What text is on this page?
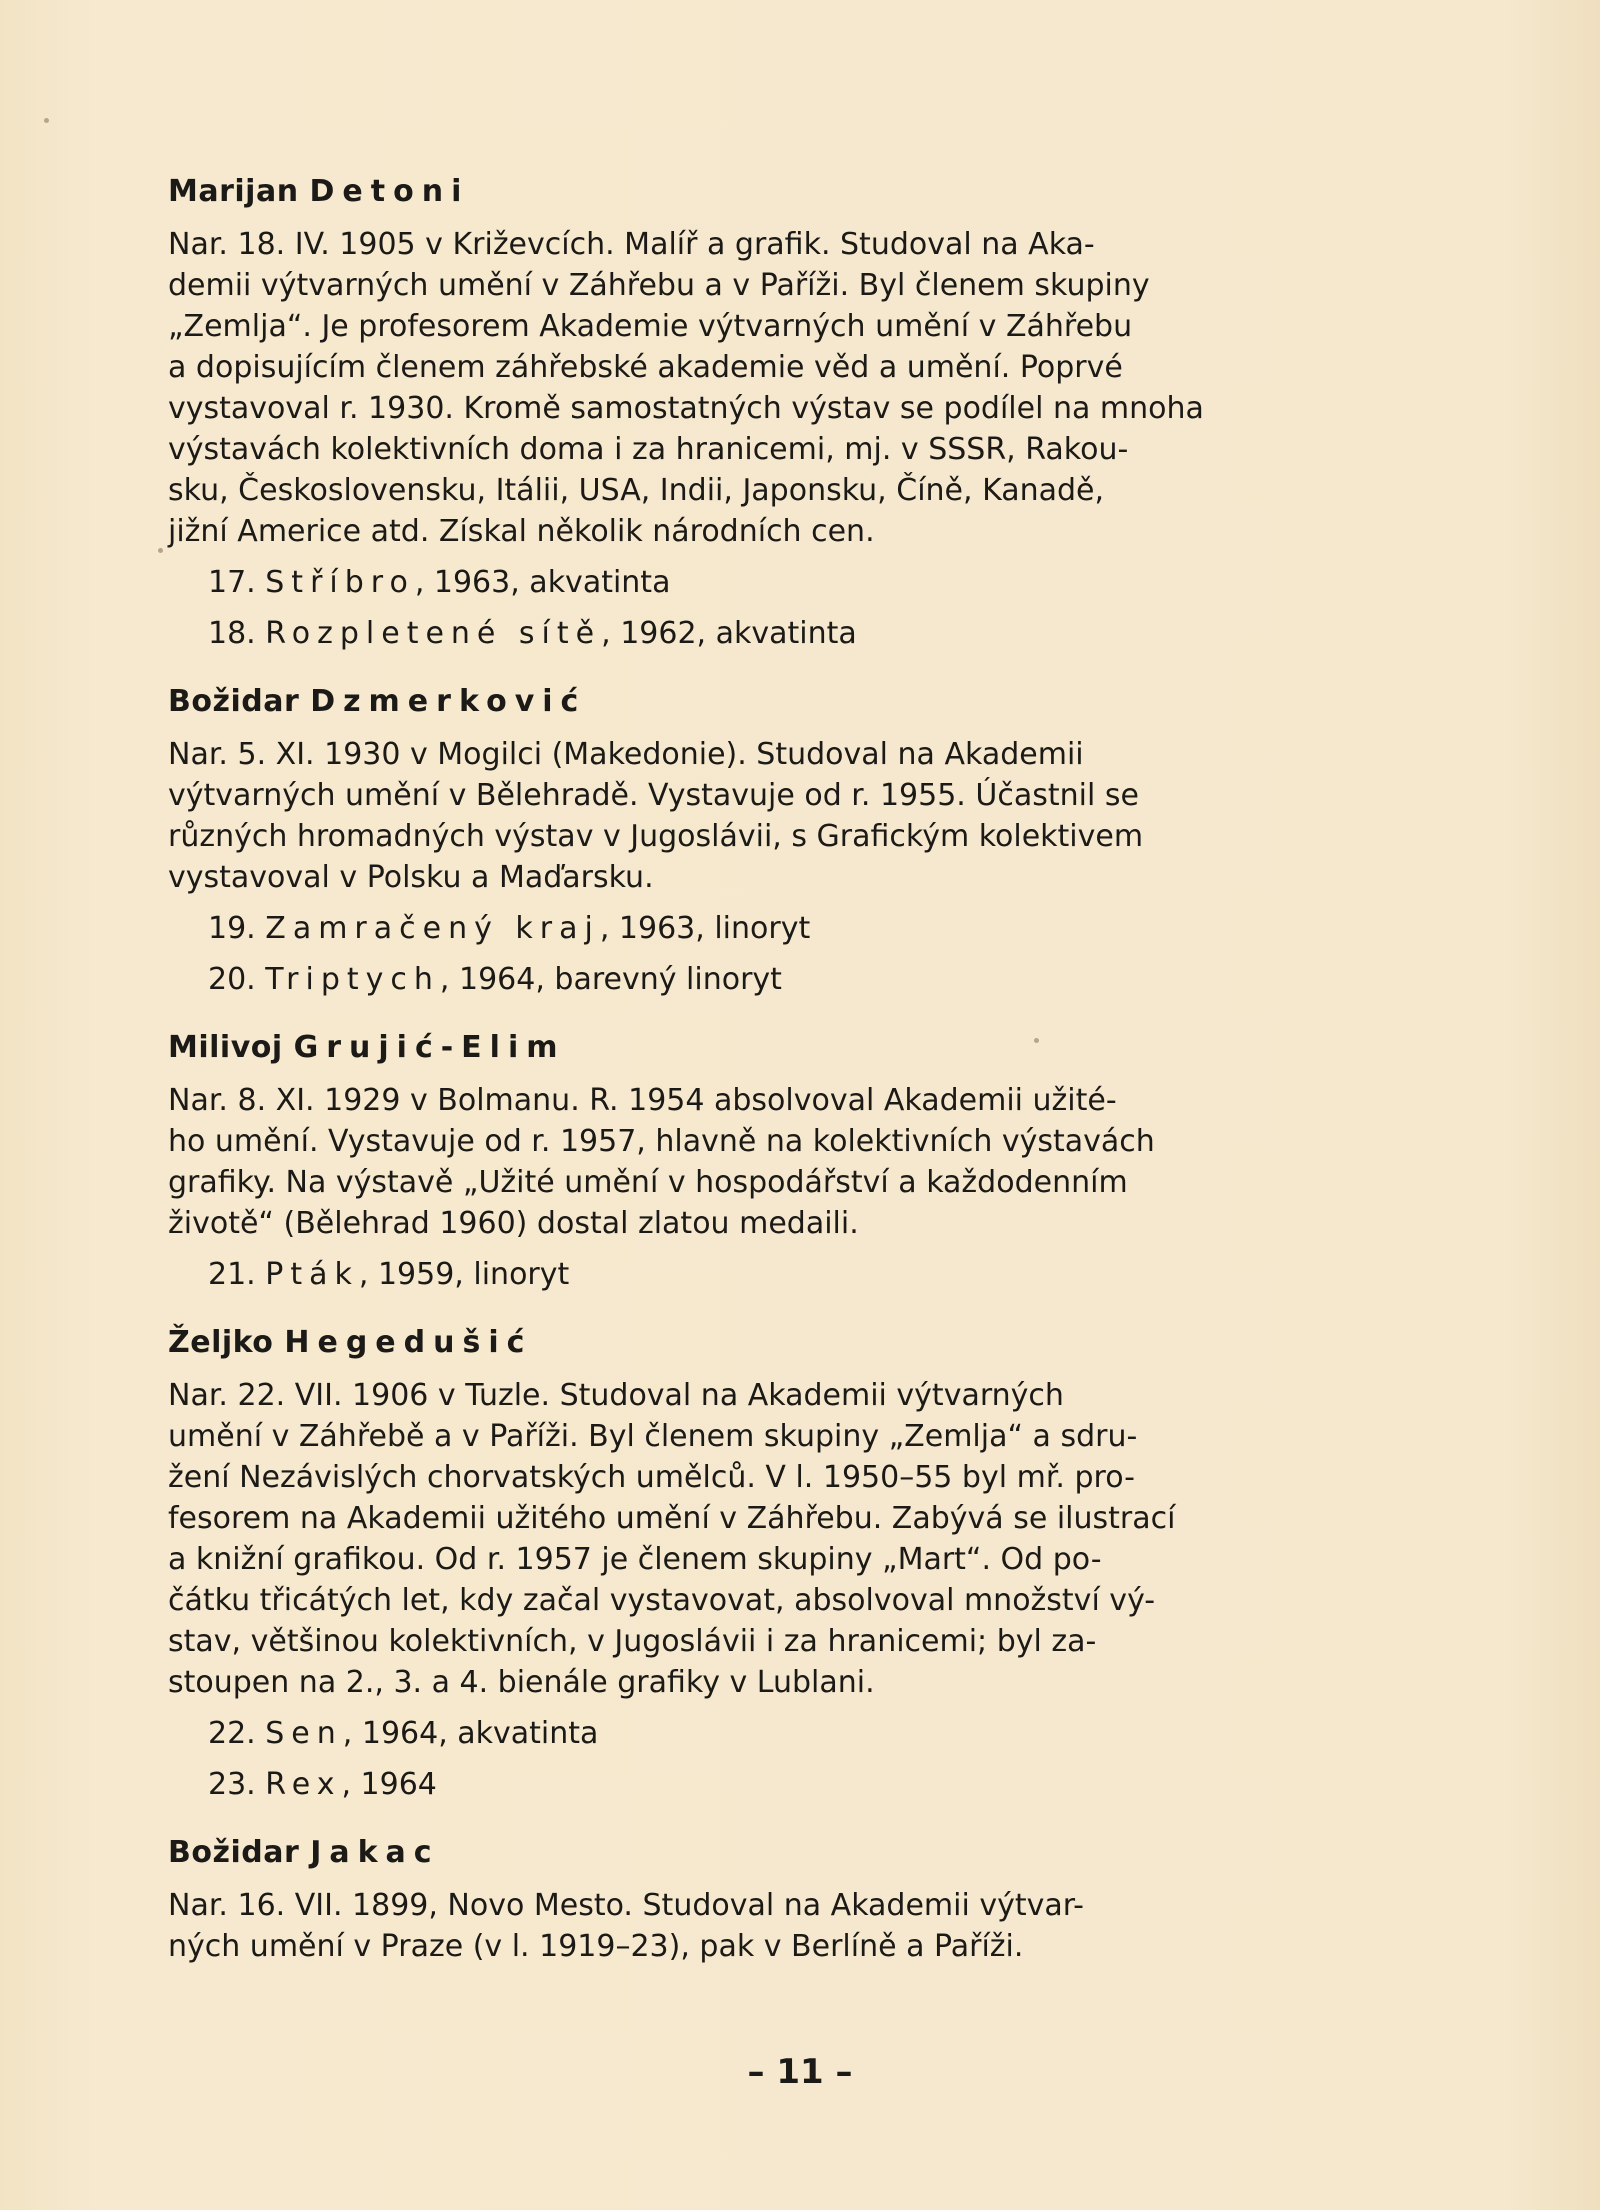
Marijan Detoni
Nar. 18. IV. 1905 v Križevcích. Malíř a grafik. Studoval na Aka-
demii výtvarných umění v Záhřebu a v Paříži. Byl členem skupiny
„Zemlja“. Je profesorem Akademie výtvarných umění v Záhřebu
a dopisujícím členem záhřebské akademie věd a umění. Poprvé
vystavoval r. 1930. Kromě samostatných výstav se podílel na mnoha
výstavách kolektivních doma i za hranicemi, mj. v SSSR, Rakou-
sku, Československu, Itálii, USA, Indii, Japonsku, Číně, Kanadě,
jižní Americe atd. Získal několik národních cen.
17. Stříbro, 1963, akvatinta
18. Rozpletené sítě, 1962, akvatinta
Božidar Dzmerković
Nar. 5. XI. 1930 v Mogilci (Makedonie). Studoval na Akademii
výtvarných umění v Bělehradě. Vystavuje od r. 1955. Účastnil se
různých hromadných výstav v Jugoslávii, s Grafickým kolektivem
vystavoval v Polsku a Maďarsku.
19. Zamračený kraj, 1963, linoryt
20. Triptych, 1964, barevný linoryt
Milivoj Grujić-Elim
Nar. 8. XI. 1929 v Bolmanu. R. 1954 absolvoval Akademii užité-
ho umění. Vystavuje od r. 1957, hlavně na kolektivních výstavách
grafiky. Na výstavě „Užité umění v hospodářství a každodenním
životě“ (Bělehrad 1960) dostal zlatou medaili.
21. Pták, 1959, linoryt
Željko Hegedušić
Nar. 22. VII. 1906 v Tuzle. Studoval na Akademii výtvarných
umění v Záhřebě a v Paříži. Byl členem skupiny „Zemlja“ a sdru-
žení Nezávislých chorvatských umělců. V l. 1950–55 byl mř. pro-
fesorem na Akademii užitého umění v Záhřebu. Zabývá se ilustrací
a knižní grafikou. Od r. 1957 je členem skupiny „Mart“. Od po-
čátku třicátých let, kdy začal vystavovat, absolvoval množství vý-
stav, většinou kolektivních, v Jugoslávii i za hranicemi; byl za-
stoupen na 2., 3. a 4. bienále grafiky v Lublani.
22. Sen, 1964, akvatinta
23. Rex, 1964
Božidar Jakac
Nar. 16. VII. 1899, Novo Mesto. Studoval na Akademii výtvar-
ných umění v Praze (v l. 1919–23), pak v Berlíně a Paříži.
– 11 –
